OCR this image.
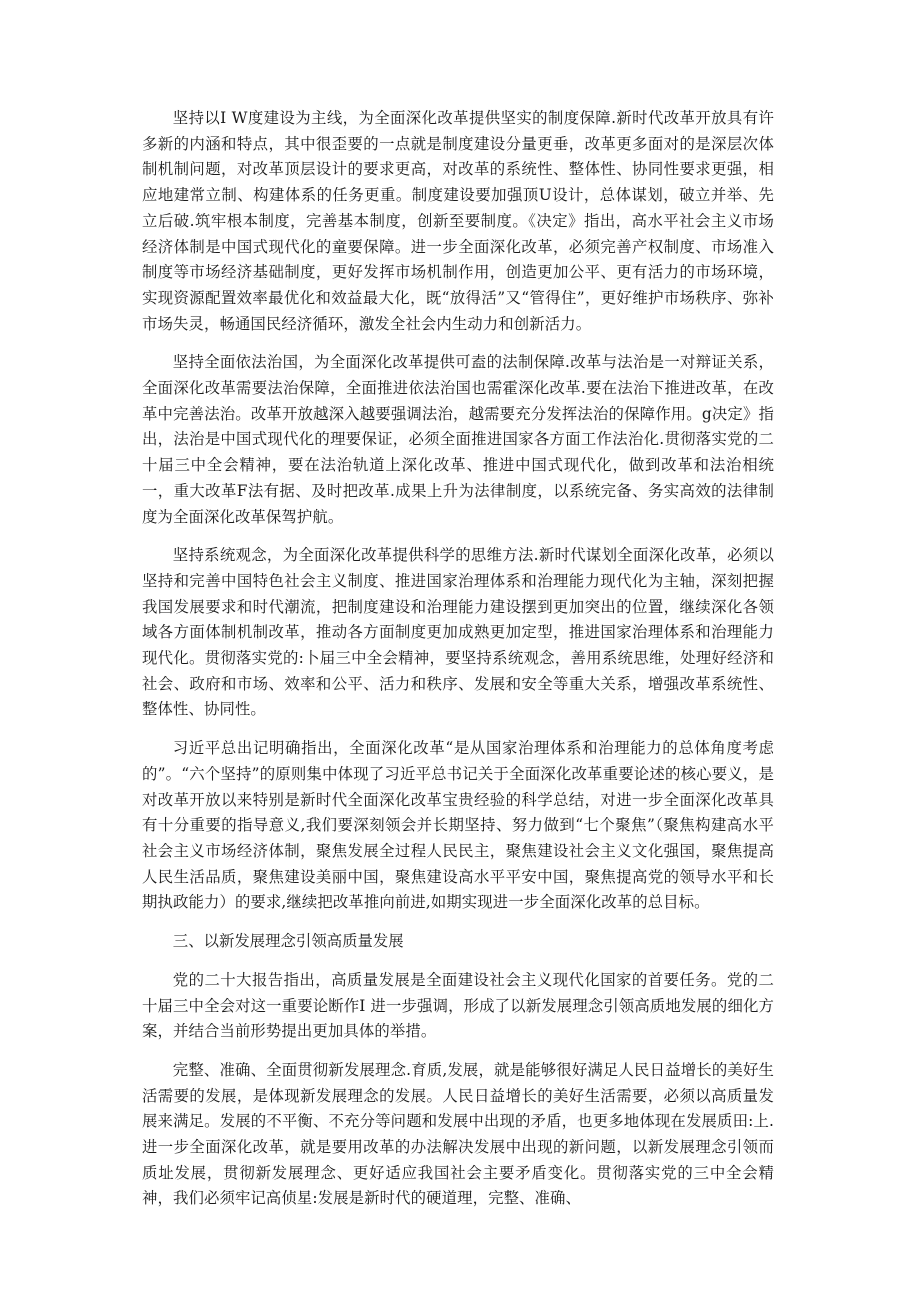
坚持以I W度建设为主线，为全面深化改革提供坚实的制度保障.新时代改革开放具有许多新的内涵和特点，其中很歪要的一点就是制度建设分量更垂，改革更多面对的是深层次体制机制问题，对改革顶层设计的要求更高，对改革的系统性、整体性、协同性要求更强，相应地建常立制、构建体系的任务更重。制度建设要加强顶U设计，总体谋划，破立并举、先立后破.筑牢根本制度，完善基本制度，创新至要制度。《决定》指出，高水平社会主义市场经济体制是中国式现代化的童要保障。进一步全面深化改革，必须完善产权制度、市场准入制度等市场经济基础制度，更好发挥市场机制作用，创造更加公平、更有活力的市场环境，实现资源配置效率最优化和效益最大化，既“放得活”又“管得住”，更好维护市场秩序、弥补市场失灵，畅通国民经济循环，激发全社会内生动力和创新活力。

坚持全面依法治国，为全面深化改革提供可盍的法制保障.改革与法治是一对辩证关系，全面深化改革需要法治保障，全面推进依法治国也需霍深化改革.要在法治下推进改革，在改革中完善法治。改革开放越深入越要强调法治，越需要充分发挥法治的保障作用。g决定》指出，法治是中国式现代化的理要保证，必须全面推进国家各方面工作法治化.贯彻落实党的二十届三中全会精神，要在法治轨道上深化改革、推进中国式现代化，做到改革和法治相统一，重大改革F法有据、及时把改革.成果上升为法律制度，以系统完备、务实高效的法律制度为全面深化改革保驾护航。

坚持系统观念，为全面深化改革提供科学的思维方法.新时代谋划全面深化改革，必须以坚持和完善中国特色社会主义制度、推进国家治理体系和治理能力现代化为主轴，深刻把握我国发展要求和时代潮流，把制度建设和治理能力建设摆到更加突出的位置，继续深化各领域各方面体制机制改革，推动各方面制度更加成熟更加定型，推进国家治理体系和治理能力现代化。贯彻落实党的:卜届三中全会精神，要坚持系统观念，善用系统思维，处理好经济和社会、政府和市场、效率和公平、活力和秩序、发展和安全等重大关系，增强改革系统性、整体性、协同性。

习近平总出记明确指出，全面深化改革“是从国家治理体系和治理能力的总体角度考虑的”。“六个坚持”的原则集中体现了习近平总书记关于全面深化改革重要论述的核心要义，是对改革开放以来特别是新时代全面深化改革宝贵经验的科学总结，对进一步全面深化改革具有十分重要的指导意义,我们要深刻领会并长期坚持、努力做到“七个聚焦”（聚焦构建高水平社会主义市场经济体制，聚焦发展全过程人民民主，聚焦建设社会主义文化强国，聚焦提高人民生活品质，聚焦建设美丽中国，聚焦建设高水平平安中国，聚焦提高党的领导水平和长期执政能力）的要求,继续把改革推向前进,如期实现进一步全面深化改革的总目标。

三、以新发展理念引领高质量发展

党的二十大报告指出，高质量发展是全面建设社会主义现代化国家的首要任务。党的二十届三中全会对这一重要论断作I 进一步强调，形成了以新发展理念引领高质地发展的细化方案，并结合当前形势提出更加具体的举措。

完整、准确、全面贯彻新发展理念.育质,发展，就是能够很好满足人民日益增长的美好生活需要的发展，是体现新发展理念的发展。人民日益增长的美好生活需要，必须以高质量发展来满足。发展的不平衡、不充分等问题和发展中出现的矛盾，也更多地体现在发展质田:上.进一步全面深化改革，就是要用改革的办法解决发展中出现的新问题，以新发展理念引领而质址发展，贯彻新发展理念、更好适应我国社会主要矛盾变化。贯彻落实党的三中全会精神，我们必须牢记高侦星:发展是新时代的硬道理，完整、准确、
